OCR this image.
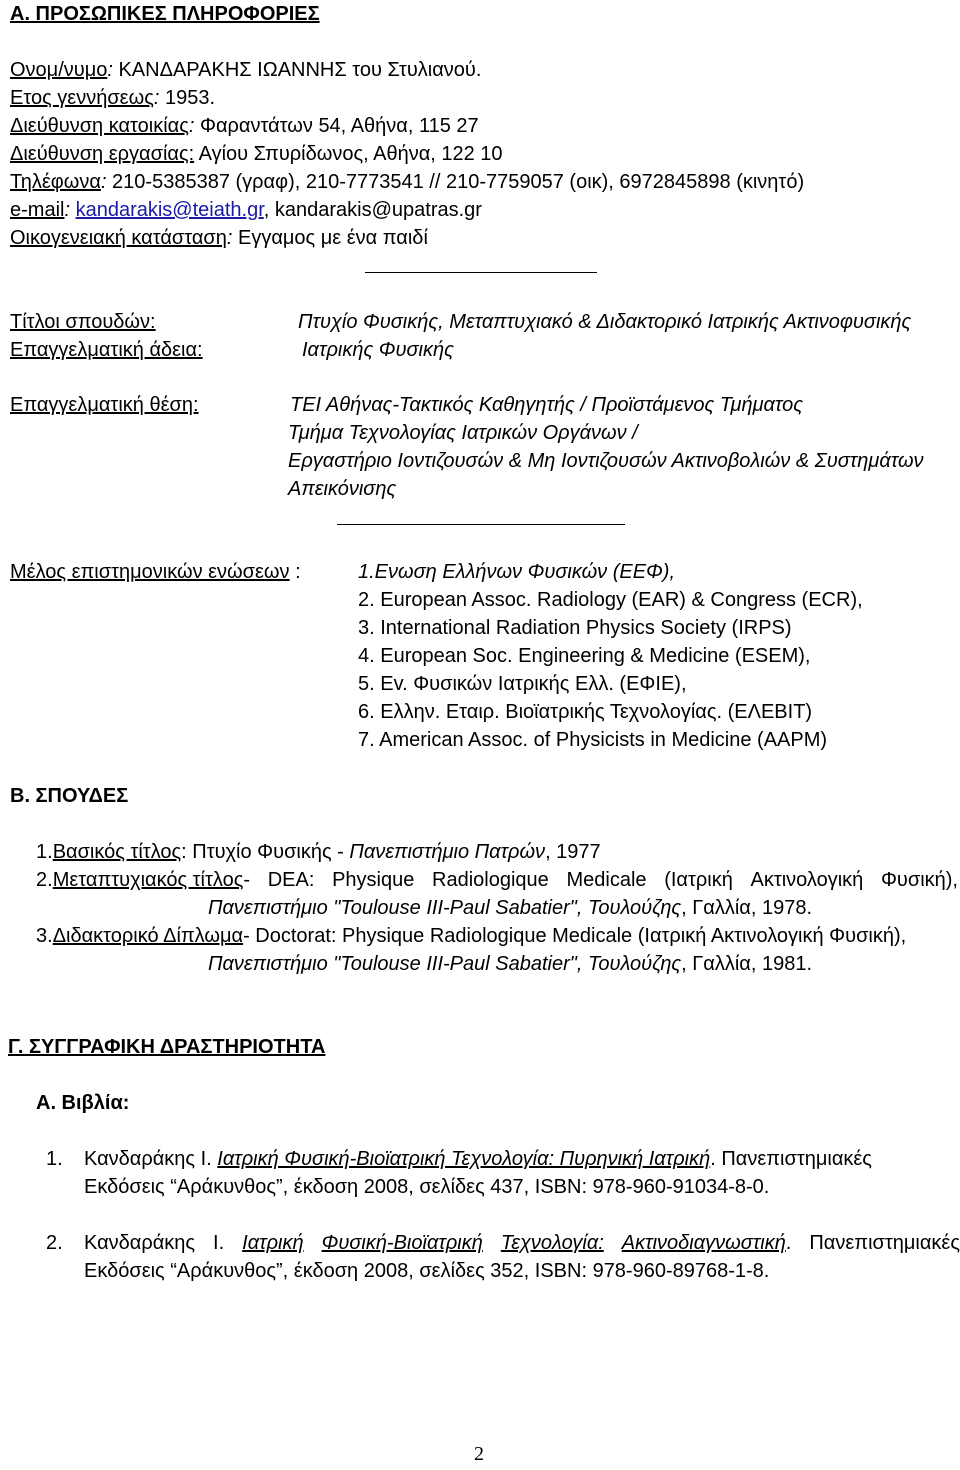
Α. ΠΡΟΣΩΠΙΚΕΣ ΠΛΗΡΟΦΟΡΙΕΣ
Ονομ/νυμο: ΚΑΝΔΑΡΑΚΗΣ ΙΩΑΝΝΗΣ του Στυλιανού.
Ετος γεννήσεως: 1953.
Διεύθυνση κατοικίας: Φαραντάτων 54, Αθήνα, 115 27
Διεύθυνση εργασίας: Αγίου Σπυρίδωνος, Αθήνα, 122 10
Τηλέφωνα: 210-5385387 (γραφ), 210-7773541 // 210-7759057 (οικ), 6972845898 (κινητό)
e-mail: kandarakis@teiath.gr, kandarakis@upatras.gr
Οικογενειακή κατάσταση: Εγγαμος με ένα παιδί
Τίτλοι σπουδών:	Πτυχίο Φυσικής, Μεταπτυχιακό & Διδακτορικό Ιατρικής Ακτινοφυσικής
Επαγγελματική άδεια:	Ιατρικής Φυσικής
Επαγγελματική θέση:	ΤΕΙ Αθήνας-Τακτικός Καθηγητής / Προϊστάμενος Τμήματος
Τμήμα Τεχνολογίας Ιατρικών Οργάνων /
Εργαστήριο Ιοντιζουσών & Μη Ιοντιζουσών Ακτινοβολιών & Συστημάτων
Απεικόνισης
Μέλος επιστημονικών ενώσεων :	1.Ενωση Ελλήνων Φυσικών (ΕΕΦ),
2. European Assoc. Radiology (EAR) & Congress (ECR),
3. International Radiation Physics Society (IRPS)
4. European Soc. Engineering & Medicine (ESEM),
5. Ev. Φυσικών Ιατρικής Ελλ. (ΕΦΙΕ),
6. Ελλην. Εταιρ. Βιοϊατρικής Τεχνολογίας. (ΕΛΕΒΙΤ)
7. American Assoc. of Physicists in Medicine (AAPM)
Β. ΣΠΟΥΔΕΣ
1.Βασικός τίτλος: Πτυχίο Φυσικής - Πανεπιστήμιο Πατρών, 1977
2.Μεταπτυχιακός τίτλος- DEA: Physique Radiologique Medicale (Ιατρική Ακτινολογική Φυσική),
Πανεπιστήμιο "Toulouse III-Paul Sabatier", Τουλούζης, Γαλλία, 1978.
3.Διδακτορικό Δίπλωμα- Doctorat: Physique Radiologique Medicale (Ιατρική Ακτινολογική Φυσική),
Πανεπιστήμιο "Toulouse III-Paul Sabatier", Τουλούζης, Γαλλία, 1981.
Γ. ΣΥΓΓΡΑΦΙΚΗ ΔΡΑΣΤΗΡΙΟΤΗΤΑ
Α. Βιβλία:
1. Κανδαράκης Ι. Ιατρική Φυσική-Βιοϊατρική Τεχνολογία: Πυρηνική Ιατρική. Πανεπιστημιακές
Εκδόσεις “Αράκυνθος”, έκδοση 2008, σελίδες 437, ISBN: 978-960-91034-8-0.
2. Κανδαράκης Ι. Ιατρική Φυσική-Βιοϊατρική Τεχνολογία: Ακτινοδιαγνωστική. Πανεπιστημιακές
Εκδόσεις “Αράκυνθος”, έκδοση 2008, σελίδες 352, ISBN: 978-960-89768-1-8.
2
